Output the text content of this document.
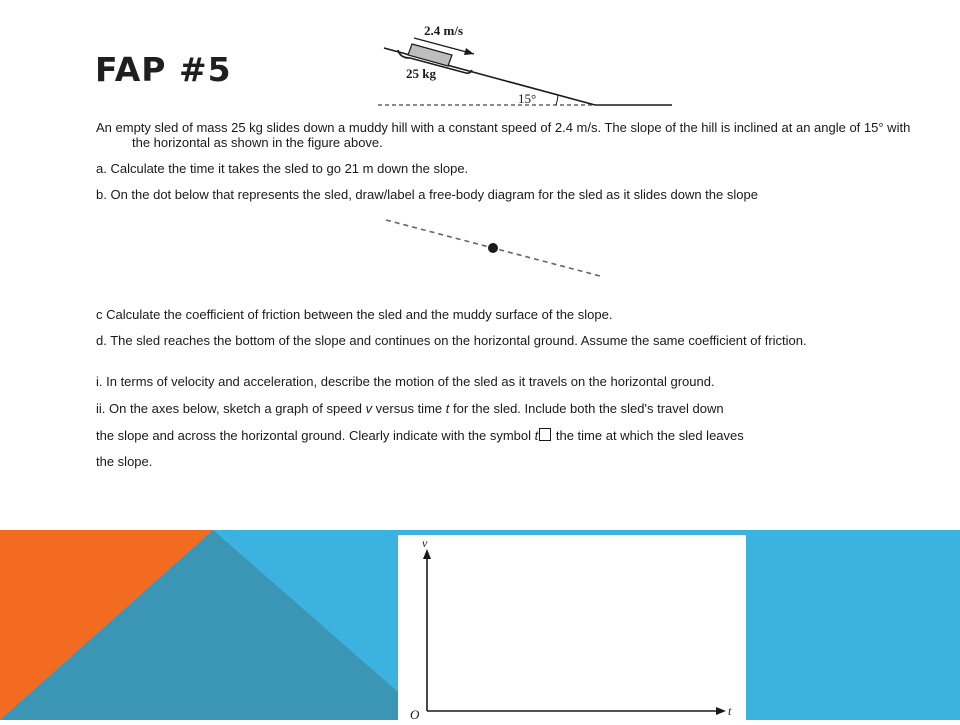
FAP #5
2.4 m/s
25 kg
15°
An empty sled of mass 25 kg slides down a muddy hill with a constant speed of 2.4 m/s. The slope of the hill is inclined at an angle of 15° with the horizontal as shown in the figure above.
a. Calculate the time it takes the sled to go 21 m down the slope.
b. On the dot below that represents the sled, draw/label a free-body diagram for the sled as it slides down the slope
c Calculate the coefficient of friction between the sled and the muddy surface of the slope.
d. The sled reaches the bottom of the slope and continues on the horizontal ground. Assume the same coefficient of friction.
i. In terms of velocity and acceleration, describe the motion of the sled as it travels on the horizontal ground.
ii. On the axes below, sketch a graph of speed v versus time t for the sled. Include both the sled's travel down
the slope and across the horizontal ground. Clearly indicate with the symbol t the time at which the sled leaves
the slope.
v
t
O
